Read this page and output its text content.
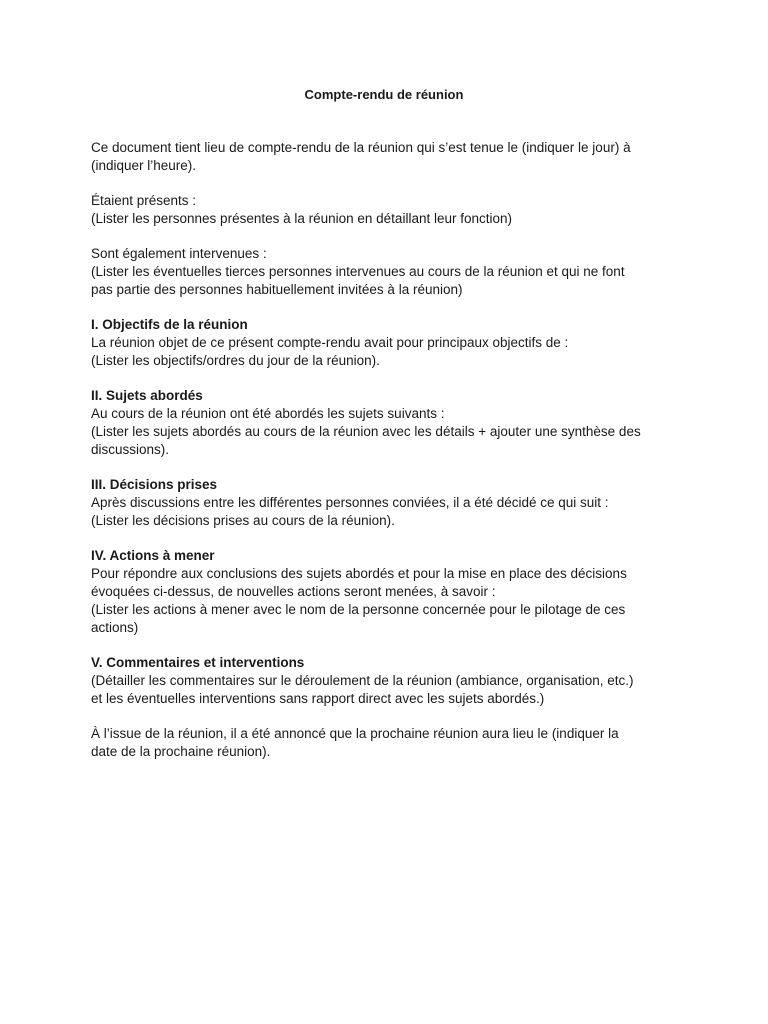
Compte-rendu de réunion
Ce document tient lieu de compte-rendu de la réunion qui s’est tenue le (indiquer le jour) à
(indiquer l’heure).
Étaient présents :
(Lister les personnes présentes à la réunion en détaillant leur fonction)
Sont également intervenues :
(Lister les éventuelles tierces personnes intervenues au cours de la réunion et qui ne font
pas partie des personnes habituellement invitées à la réunion)
I. Objectifs de la réunion
La réunion objet de ce présent compte-rendu avait pour principaux objectifs de :
(Lister les objectifs/ordres du jour de la réunion).
II. Sujets abordés
Au cours de la réunion ont été abordés les sujets suivants :
(Lister les sujets abordés au cours de la réunion avec les détails + ajouter une synthèse des
discussions).
III. Décisions prises
Après discussions entre les différentes personnes conviées, il a été décidé ce qui suit :
(Lister les décisions prises au cours de la réunion).
IV. Actions à mener
Pour répondre aux conclusions des sujets abordés et pour la mise en place des décisions
évoquées ci-dessus, de nouvelles actions seront menées, à savoir :
(Lister les actions à mener avec le nom de la personne concernée pour le pilotage de ces
actions)
V. Commentaires et interventions
(Détailler les commentaires sur le déroulement de la réunion (ambiance, organisation, etc.)
et les éventuelles interventions sans rapport direct avec les sujets abordés.)
À l’issue de la réunion, il a été annoncé que la prochaine réunion aura lieu le (indiquer la
date de la prochaine réunion).
